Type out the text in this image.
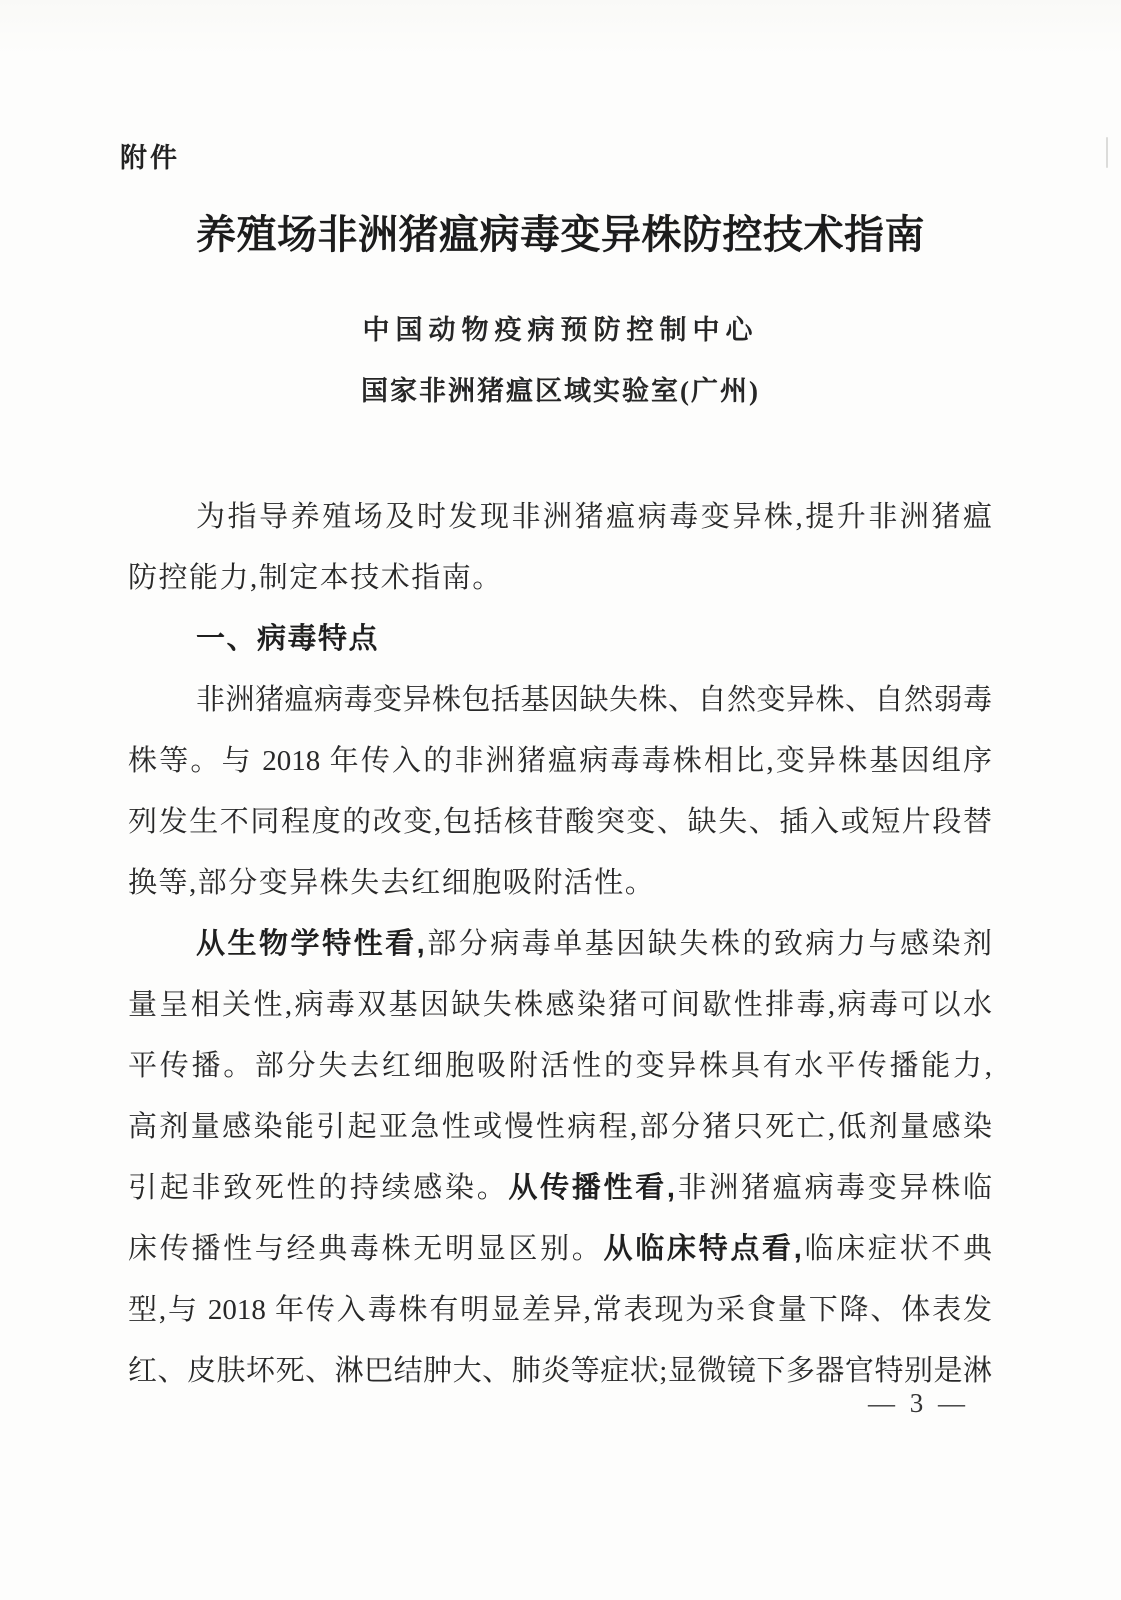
附件
养殖场非洲猪瘟病毒变异株防控技术指南
中国动物疫病预防控制中心
国家非洲猪瘟区域实验室(广州)
为指导养殖场及时发现非洲猪瘟病毒变异株,提升非洲猪瘟
防控能力,制定本技术指南。
一、病毒特点
非洲猪瘟病毒变异株包括基因缺失株、自然变异株、自然弱毒
株等。与 2018 年传入的非洲猪瘟病毒毒株相比,变异株基因组序
列发生不同程度的改变,包括核苷酸突变、缺失、插入或短片段替
换等,部分变异株失去红细胞吸附活性。
从生物学特性看,部分病毒单基因缺失株的致病力与感染剂
量呈相关性,病毒双基因缺失株感染猪可间歇性排毒,病毒可以水
平传播。部分失去红细胞吸附活性的变异株具有水平传播能力,
高剂量感染能引起亚急性或慢性病程,部分猪只死亡,低剂量感染
引起非致死性的持续感染。从传播性看,非洲猪瘟病毒变异株临
床传播性与经典毒株无明显区别。从临床特点看,临床症状不典
型,与 2018 年传入毒株有明显差异,常表现为采食量下降、体表发
红、皮肤坏死、淋巴结肿大、肺炎等症状;显微镜下多器官特别是淋
— 3 —
